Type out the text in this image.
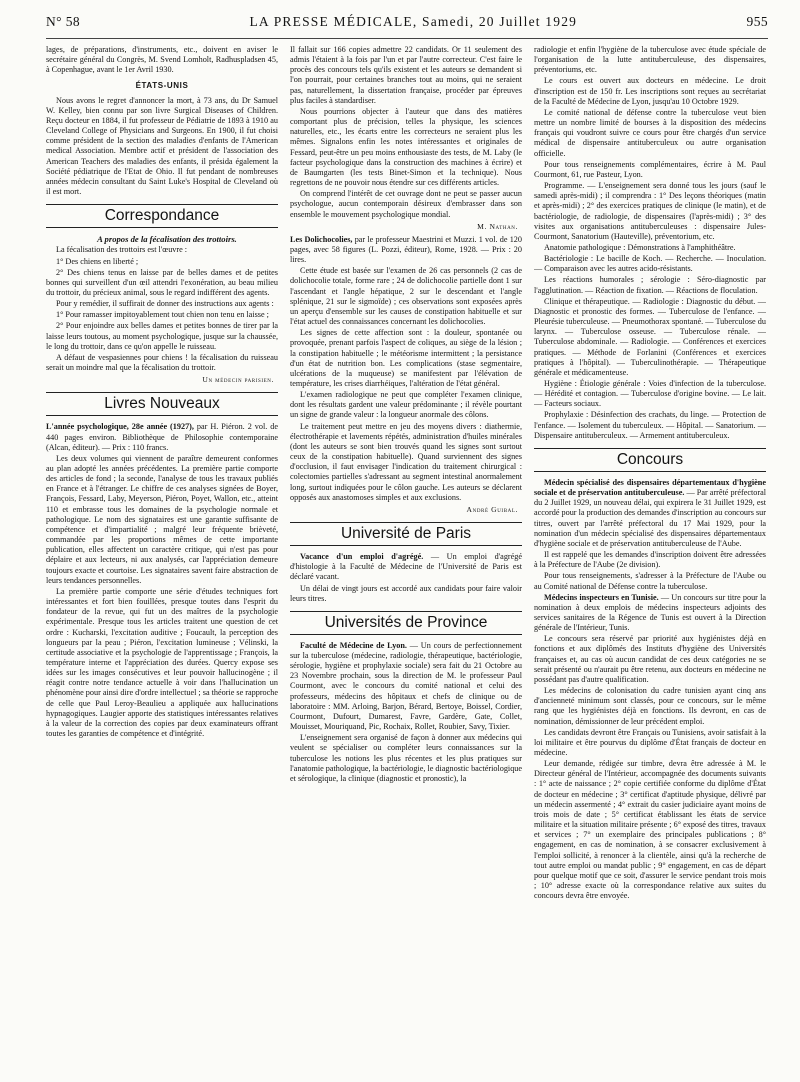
N° 58	LA PRESSE MÉDICALE, Samedi, 20 Juillet 1929	955

lages, de préparations, d'instruments, etc., doivent en aviser le secrétaire général du Congrès, M. Svend Lomholt, Radhuspladsen 45, à Copenhague, avant le 1er Avril 1930.

ÉTATS-UNIS

Nous avons le regret d'annoncer la mort, à 73 ans, du Dr Samuel W. Kelley, bien connu par son livre Surgical Diseases of Children. Reçu docteur en 1884, il fut professeur de Pédiatrie de 1893 à 1910 au Cleveland College of Physicians and Surgeons. En 1900, il fut choisi comme président de la section des maladies d'enfants de l'American medical Association. Membre actif et président de l'association des American Teachers des maladies des enfants, il présida également la Société pédiatrique de l'Etat de Ohio. Il fut pendant de nombreuses années médecin consultant du Saint Luke's Hospital de Cleveland où il est mort.

Correspondance

A propos de la fécalisation des trottoirs.

La fécalisation des trottoirs est l'œuvre :

1° Des chiens en liberté ;

2° Des chiens tenus en laisse par de belles dames et de petites bonnes qui surveillent d'un œil attendri l'exonération, au beau milieu du trottoir, du précieux animal, sous le regard indifférent des agents.

Pour y remédier, il suffirait de donner des instructions aux agents :

1° Pour ramasser impitoyablement tout chien non tenu en laisse ;

2° Pour enjoindre aux belles dames et petites bonnes de tirer par la laisse leurs toutous, au moment psychologique, jusque sur la chaussée, le long du trottoir, dans ce qu'on appelle le ruisseau.

A défaut de vespasiennes pour chiens ! la fécalisation du ruisseau serait un moindre mal que la fécalisation du trottoir.

Un médecin parisien.

Livres Nouveaux

L'année psychologique, 28e année (1927), par H. Piéron. 2 vol. de 440 pages environ. Bibliothèque de Philosophie contemporaine (Alcan, éditeur). — Prix : 110 francs.

Les deux volumes qui viennent de paraître demeurent conformes au plan adopté les années précédentes. La première partie comporte des articles de fond ; la seconde, l'analyse de tous les travaux publiés en France et à l'étranger. Le chiffre de ces analyses signées de Boyer, François, Fessard, Laby, Meyerson, Piéron, Poyet, Wallon, etc., atteint 110 et embrasse tous les domaines de la psychologie normale et pathologique. Le nom des signataires est une garantie suffisante de compétence et d'impartialité ; malgré leur fréquente brièveté, commandée par les proportions mêmes de cette importante publication, elles affectent un caractère critique, qui n'est pas pour déplaire et aux lecteurs, ni aux analysés, car l'appréciation demeure toujours exacte et courtoise. Les signataires savent faire abstraction de leurs tendances personnelles.

La première partie comporte une série d'études techniques fort intéressantes et fort bien fouillées, presque toutes dans l'esprit du fondateur de la revue, qui fut un des maîtres de la psychologie expérimentale. Presque tous les articles traitent une question de cet ordre : Kucharski, l'excitation auditive ; Foucault, la perception des longueurs par la peau ; Piéron, l'excitation lumineuse ; Vélinski, la certitude associative et la psychologie de l'apprentissage ; François, la température interne et l'appréciation des durées. Quercy expose ses idées sur les images consécutives et leur pouvoir hallucinogène ; il réagit contre notre tendance actuelle à voir dans l'hallucination un phénomène pour ainsi dire d'ordre intellectuel ; sa théorie se rapproche de celle que Paul Leroy-Beaulieu a appliquée aux hallucinations hypnagogiques. Laugier apporte des statistiques intéressantes relatives à la valeur de la correction des copies par deux examinateurs offrant toutes les garanties de compétence et d'intégrité.

Il fallait sur 166 copies admettre 22 candidats. Or 11 seulement des admis l'étaient à la fois par l'un et par l'autre correcteur. C'est faire le procès des concours tels qu'ils existent et les auteurs se demandent si l'on pourrait, pour certaines branches tout au moins, qui ne seraient pas, naturellement, la dissertation française, procéder par épreuves plus faciles à standardiser.

Nous pourrions objecter à l'auteur que dans des matières comportant plus de précision, telles la physique, les sciences naturelles, etc., les écarts entre les correcteurs ne seraient plus les mêmes. Signalons enfin les notes intéressantes et originales de Fessard, peut-être un peu moins enthousiaste des tests, de M. Laby (le facteur psychologique dans la construction des machines à écrire) et de Baumgarten (les tests Binet-Simon et la technique). Nous regrettons de ne pouvoir nous étendre sur ces différents articles.

On comprend l'intérêt de cet ouvrage dont ne peut se passer aucun psychologue, aucun contemporain désireux d'embrasser dans son ensemble le mouvement psychologique mondial.

M. Nathan.

Les Dolichocolies, par le professeur Maestrini et Muzzi. 1 vol. de 120 pages, avec 58 figures (L. Pozzi, éditeur), Rome, 1928. — Prix : 20 lires.

Cette étude est basée sur l'examen de 26 cas personnels (2 cas de dolichocolie totale, forme rare ; 24 de dolichocolie partielle dont 1 sur l'ascendant et l'angle hépatique, 2 sur le descendant et l'angle splénique, 21 sur le sigmoïde) ; ces observations sont exposées après un aperçu d'ensemble sur les causes de constipation habituelle et sur l'état actuel des connaissances concernant les dolichocolies.

Les signes de cette affection sont : la douleur, spontanée ou provoquée, prenant parfois l'aspect de coliques, au siège de la lésion ; la constipation habituelle ; le météorisme intermittent ; la persistance d'un état de nutrition bon. Les complications (stase segmentaire, ulcérations de la muqueuse) se manifestent par l'élévation de température, les crises diarrhéiques, l'altération de l'état général.

L'examen radiologique ne peut que compléter l'examen clinique, dont les résultats gardent une valeur prédominante ; il révèle pourtant un signe de grande valeur : la longueur anormale des côlons.

Le traitement peut mettre en jeu des moyens divers : diathermie, électrothérapie et lavements répétés, administration d'huiles minérales (dont les auteurs se sont bien trouvés quand les signes sont surtout ceux de la constipation habituelle). Quand surviennent des signes d'occlusion, il faut envisager l'indication du traitement chirurgical : colectomies partielles s'adressant au segment intestinal anormalement long, surtout indiquées pour le côlon gauche. Les auteurs se déclarent opposés aux anastomoses simples et aux exclusions.

André Guibal.

Université de Paris

Vacance d'un emploi d'agrégé. — Un emploi d'agrégé d'histologie à la Faculté de Médecine de l'Université de Paris est déclaré vacant.

Un délai de vingt jours est accordé aux candidats pour faire valoir leurs titres.

Universités de Province

Faculté de Médecine de Lyon. — Un cours de perfectionnement sur la tuberculose (médecine, radiologie, thérapeutique, bactériologie, sérologie, hygiène et prophylaxie sociale) sera fait du 21 Octobre au 23 Novembre prochain, sous la direction de M. le professeur Paul Courmont, avec le concours du comité national et celui des professeurs, médecins des hôpitaux et chefs de clinique ou de laboratoire : MM. Arloing, Barjon, Bérard, Bertoye, Boissel, Cordier, Courmont, Dufourt, Dumarest, Favre, Gardère, Gate, Collet, Mouisset, Mouriquand, Pic, Rochaix, Rollet, Roubier, Savy, Tixier.

L'enseignement sera organisé de façon à donner aux médecins qui veulent se spécialiser ou compléter leurs connaissances sur la tuberculose les notions les plus récentes et les plus pratiques sur l'anatomie pathologique, la bactériologie, le diagnostic bactériologique et sérologique, la clinique (diagnostic et pronostic), la

radiologie et enfin l'hygiène de la tuberculose avec étude spéciale de l'organisation de la lutte antituberculeuse, des dispensaires, préventoriums, etc.

Le cours est ouvert aux docteurs en médecine. Le droit d'inscription est de 150 fr. Les inscriptions sont reçues au secrétariat de la Faculté de Médecine de Lyon, jusqu'au 10 Octobre 1929.

Le comité national de défense contre la tuberculose veut bien mettre un nombre limité de bourses à la disposition des médecins français qui voudront suivre ce cours pour être chargés d'un service médical de dispensaire antituberculeux ou autre organisation officielle.

Pour tous renseignements complémentaires, écrire à M. Paul Courmont, 61, rue Pasteur, Lyon.

Programme. — L'enseignement sera donné tous les jours (sauf le samedi après-midi) ; il comprendra : 1° Des leçons théoriques (matin et après-midi) ; 2° des exercices pratiques de clinique (le matin), et de bactériologie, de radiologie, de dispensaires (l'après-midi) ; 3° des visites aux organisations antituberculeuses : dispensaire Jules-Courmont, Sanatorium (Hauteville), préventorium, etc.

Anatomie pathologique : Démonstrations à l'amphithéâtre.

Bactériologie : Le bacille de Koch. — Recherche. — Inoculation. — Comparaison avec les autres acido-résistants.

Les réactions humorales ; sérologie : Séro-diagnostic par l'agglutination. — Réaction de fixation. — Réactions de floculation.

Clinique et thérapeutique. — Radiologie : Diagnostic du début. — Diagnostic et pronostic des formes. — Tuberculose de l'enfance. — Pleurésie tuberculeuse. — Pneumothorax spontané. — Tuberculose du larynx. — Tuberculose osseuse. — Tuberculose rénale. — Tuberculose abdominale. — Radiologie. — Conférences et exercices pratiques. — Méthode de Forlanini (Conférences et exercices pratiques à l'hôpital). — Tuberculinothérapie. — Thérapeutique générale et médicamenteuse.

Hygiène : Étiologie générale : Voies d'infection de la tuberculose. — Hérédité et contagion. — Tuberculose d'origine bovine. — Le lait. — Facteurs sociaux.

Prophylaxie : Désinfection des crachats, du linge. — Protection de l'enfance. — Isolement du tuberculeux. — Hôpital. — Sanatorium. — Dispensaire antituberculeux. — Armement antituberculeux.

Concours

Médecin spécialisé des dispensaires départementaux d'hygiène sociale et de préservation antituberculeuse. — Par arrêté préfectoral du 2 Juillet 1929, un nouveau délai, qui expirera le 31 Juillet 1929, est accordé pour la production des demandes d'inscription au concours sur titres, ouvert par l'arrêté préfectoral du 17 Mai 1929, pour la nomination d'un médecin spécialisé des dispensaires départementaux d'hygiène sociale et de préservation antituberculeuse de l'Aube.

Il est rappelé que les demandes d'inscription doivent être adressées à la Préfecture de l'Aube (2e division).

Pour tous renseignements, s'adresser à la Préfecture de l'Aube ou au Comité national de Défense contre la tuberculose.

Médecins inspecteurs en Tunisie. — Un concours sur titre pour la nomination à deux emplois de médecins inspecteurs adjoints des services sanitaires de la Régence de Tunis est ouvert à la Direction générale de l'Intérieur, Tunis.

Le concours sera réservé par priorité aux hygiénistes déjà en fonctions et aux diplômés des Instituts d'hygiène des Universités françaises et, au cas où aucun candidat de ces deux catégories ne se serait présenté ou n'aurait pu être retenu, aux docteurs en médecine ne possédant pas d'autre qualification.

Les médecins de colonisation du cadre tunisien ayant cinq ans d'ancienneté minimum sont classés, pour ce concours, sur le même rang que les hygiénistes déjà en fonctions. Ils devront, en cas de nomination, démissionner de leur précédent emploi.

Les candidats devront être Français ou Tunisiens, avoir satisfait à la loi militaire et être pourvus du diplôme d'État français de docteur en médecine.

Leur demande, rédigée sur timbre, devra être adressée à M. le Directeur général de l'Intérieur, accompagnée des documents suivants : 1° acte de naissance ; 2° copie certifiée conforme du diplôme d'État de docteur en médecine ; 3° certificat d'aptitude physique, délivré par un médecin assermenté ; 4° extrait du casier judiciaire ayant moins de trois mois de date ; 5° certificat établissant les états de service militaire et la situation militaire présente ; 6° exposé des titres, travaux et services ; 7° un exemplaire des principales publications ; 8° engagement, en cas de nomination, à se consacrer exclusivement à l'emploi sollicité, à renoncer à la clientèle, ainsi qu'à la recherche de tout autre emploi ou mandat public ; 9° engagement, en cas de départ pour quelque motif que ce soit, d'assurer le service pendant trois mois ; 10° adresse exacte où la correspondance relative aux suites du concours devra être envoyée.
